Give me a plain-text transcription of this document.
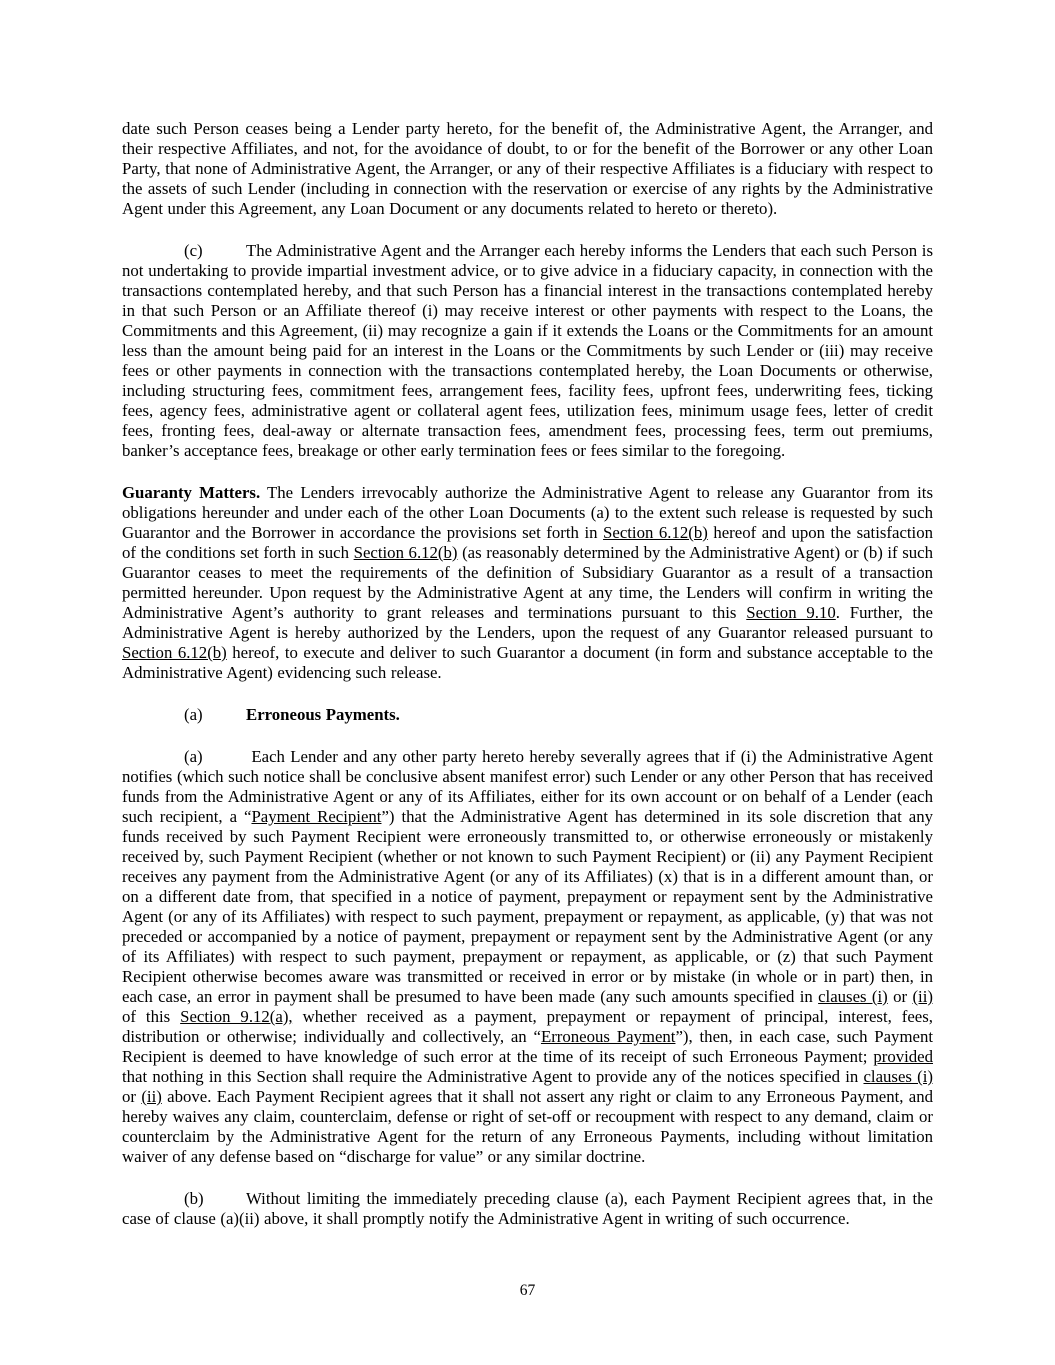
date such Person ceases being a Lender party hereto, for the benefit of, the Administrative Agent, the Arranger, and their respective Affiliates, and not, for the avoidance of doubt, to or for the benefit of the Borrower or any other Loan Party, that none of Administrative Agent, the Arranger, or any of their respective Affiliates is a fiduciary with respect to the assets of such Lender (including in connection with the reservation or exercise of any rights by the Administrative Agent under this Agreement, any Loan Document or any documents related to hereto or thereto).

(c)	The Administrative Agent and the Arranger each hereby informs the Lenders that each such Person is not undertaking to provide impartial investment advice, or to give advice in a fiduciary capacity, in connection with the transactions contemplated hereby, and that such Person has a financial interest in the transactions contemplated hereby in that such Person or an Affiliate thereof (i) may receive interest or other payments with respect to the Loans, the Commitments and this Agreement, (ii) may recognize a gain if it extends the Loans or the Commitments for an amount less than the amount being paid for an interest in the Loans or the Commitments by such Lender or (iii) may receive fees or other payments in connection with the transactions contemplated hereby, the Loan Documents or otherwise, including structuring fees, commitment fees, arrangement fees, facility fees, upfront fees, underwriting fees, ticking fees, agency fees, administrative agent or collateral agent fees, utilization fees, minimum usage fees, letter of credit fees, fronting fees, deal-away or alternate transaction fees, amendment fees, processing fees, term out premiums, banker’s acceptance fees, breakage or other early termination fees or fees similar to the foregoing.

Guaranty Matters. The Lenders irrevocably authorize the Administrative Agent to release any Guarantor from its obligations hereunder and under each of the other Loan Documents (a) to the extent such release is requested by such Guarantor and the Borrower in accordance the provisions set forth in Section 6.12(b) hereof and upon the satisfaction of the conditions set forth in such Section 6.12(b) (as reasonably determined by the Administrative Agent) or (b) if such Guarantor ceases to meet the requirements of the definition of Subsidiary Guarantor as a result of a transaction permitted hereunder. Upon request by the Administrative Agent at any time, the Lenders will confirm in writing the Administrative Agent’s authority to grant releases and terminations pursuant to this Section 9.10. Further, the Administrative Agent is hereby authorized by the Lenders, upon the request of any Guarantor released pursuant to Section 6.12(b) hereof, to execute and deliver to such Guarantor a document (in form and substance acceptable to the Administrative Agent) evidencing such release.

(a)	Erroneous Payments.

(a)	Each Lender and any other party hereto hereby severally agrees that if (i) the Administrative Agent notifies (which such notice shall be conclusive absent manifest error) such Lender or any other Person that has received funds from the Administrative Agent or any of its Affiliates, either for its own account or on behalf of a Lender (each such recipient, a “Payment Recipient”) that the Administrative Agent has determined in its sole discretion that any funds received by such Payment Recipient were erroneously transmitted to, or otherwise erroneously or mistakenly received by, such Payment Recipient (whether or not known to such Payment Recipient) or (ii) any Payment Recipient receives any payment from the Administrative Agent (or any of its Affiliates) (x) that is in a different amount than, or on a different date from, that specified in a notice of payment, prepayment or repayment sent by the Administrative Agent (or any of its Affiliates) with respect to such payment, prepayment or repayment, as applicable, (y) that was not preceded or accompanied by a notice of payment, prepayment or repayment sent by the Administrative Agent (or any of its Affiliates) with respect to such payment, prepayment or repayment, as applicable, or (z) that such Payment Recipient otherwise becomes aware was transmitted or received in error or by mistake (in whole or in part) then, in each case, an error in payment shall be presumed to have been made (any such amounts specified in clauses (i) or (ii) of this Section 9.12(a), whether received as a payment, prepayment or repayment of principal, interest, fees, distribution or otherwise; individually and collectively, an “Erroneous Payment”), then, in each case, such Payment Recipient is deemed to have knowledge of such error at the time of its receipt of such Erroneous Payment; provided that nothing in this Section shall require the Administrative Agent to provide any of the notices specified in clauses (i) or (ii) above. Each Payment Recipient agrees that it shall not assert any right or claim to any Erroneous Payment, and hereby waives any claim, counterclaim, defense or right of set-off or recoupment with respect to any demand, claim or counterclaim by the Administrative Agent for the return of any Erroneous Payments, including without limitation waiver of any defense based on “discharge for value” or any similar doctrine.

(b)	Without limiting the immediately preceding clause (a), each Payment Recipient agrees that, in the case of clause (a)(ii) above, it shall promptly notify the Administrative Agent in writing of such occurrence.

67
